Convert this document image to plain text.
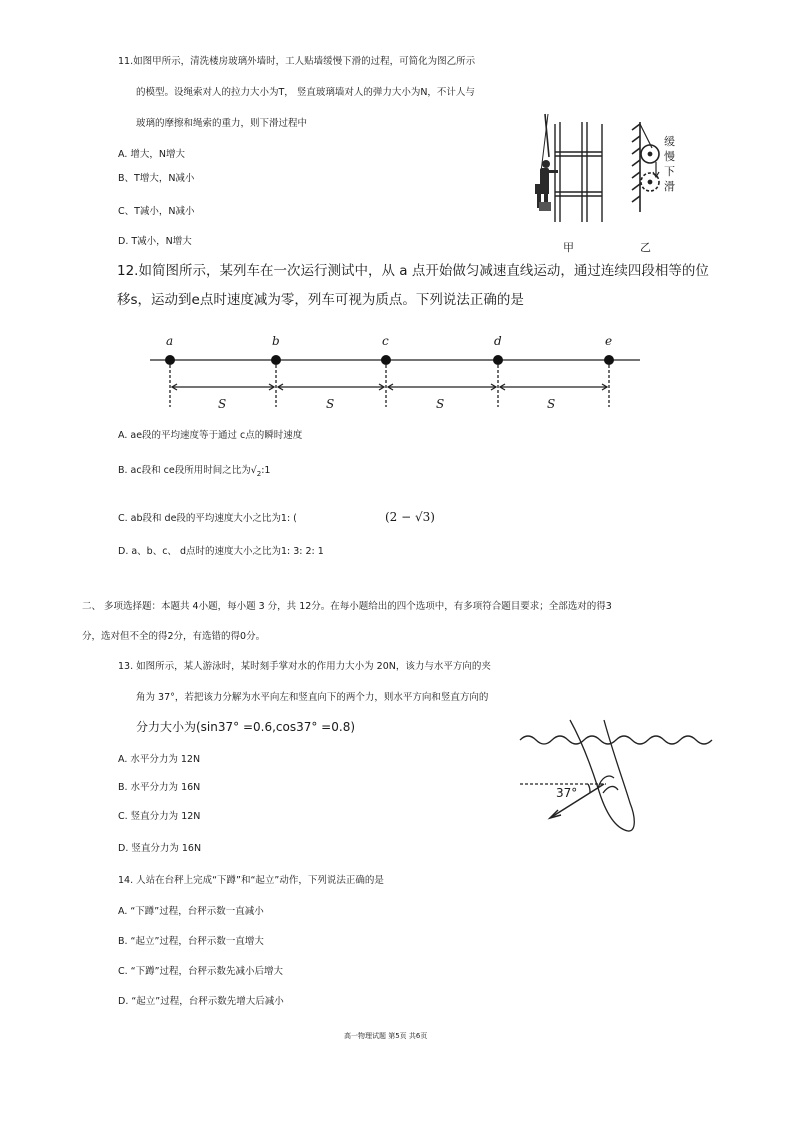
11.如图甲所示，清洗楼房玻璃外墙时，工人贴墙缓慢下滑的过程，可简化为图乙所示
的模型。设绳索对人的拉力大小为T， 竖直玻璃墙对人的弹力大小为N，不计人与
玻璃的摩擦和绳索的重力，则下滑过程中
A. 增大，N增大
B、T增大，N减小
C、T减小，N减小
D. T减小，N增大
缓
慢
下
滑
甲	乙
12.如简图所示，某列车在一次运行测试中，从 a 点开始做匀减速直线运动，通过连续四段相等的位
移s，运动到e点时速度减为零，列车可视为质点。下列说法正确的是
a	b	c	d	e
S	S	S	S
A. ae段的平均速度等于通过 c点的瞬时速度
B. ac段和 ce段所用时间之比为$√_2:1$
C. ab段和 de段的平均速度大小之比为1: (	(2 − √3)
D. a、b、c、 d点时的速度大小之比为1: 3: 2: 1
二、 多项选择题：本题共 4小题，每小题 3 分，共 12分。在每小题给出的四个选项中，有多项符合题目要求；全部选对的得3
分，选对但不全的得2分，有选错的得0分。
13. 如图所示，某人游泳时，某时刻手掌对水的作用力大小为 20N，该力与水平方向的夹
角为 37°，若把该力分解为水平向左和竖直向下的两个力，则水平方向和竖直方向的
分力大小为(sin37° =0.6,cos37° =0.8)
A. 水平分力为 12N
B. 水平分力为 16N
C. 竖直分力为 12N
D. 竖直分力为 16N
37°
14. 人站在台秤上完成“下蹲”和“起立”动作，下列说法正确的是
A. “下蹲”过程，台秤示数一直减小
B. “起立”过程，台秤示数一直增大
C. “下蹲”过程，台秤示数先减小后增大
D. “起立”过程，台秤示数先增大后减小
高一物理试题 第5页 共6页
